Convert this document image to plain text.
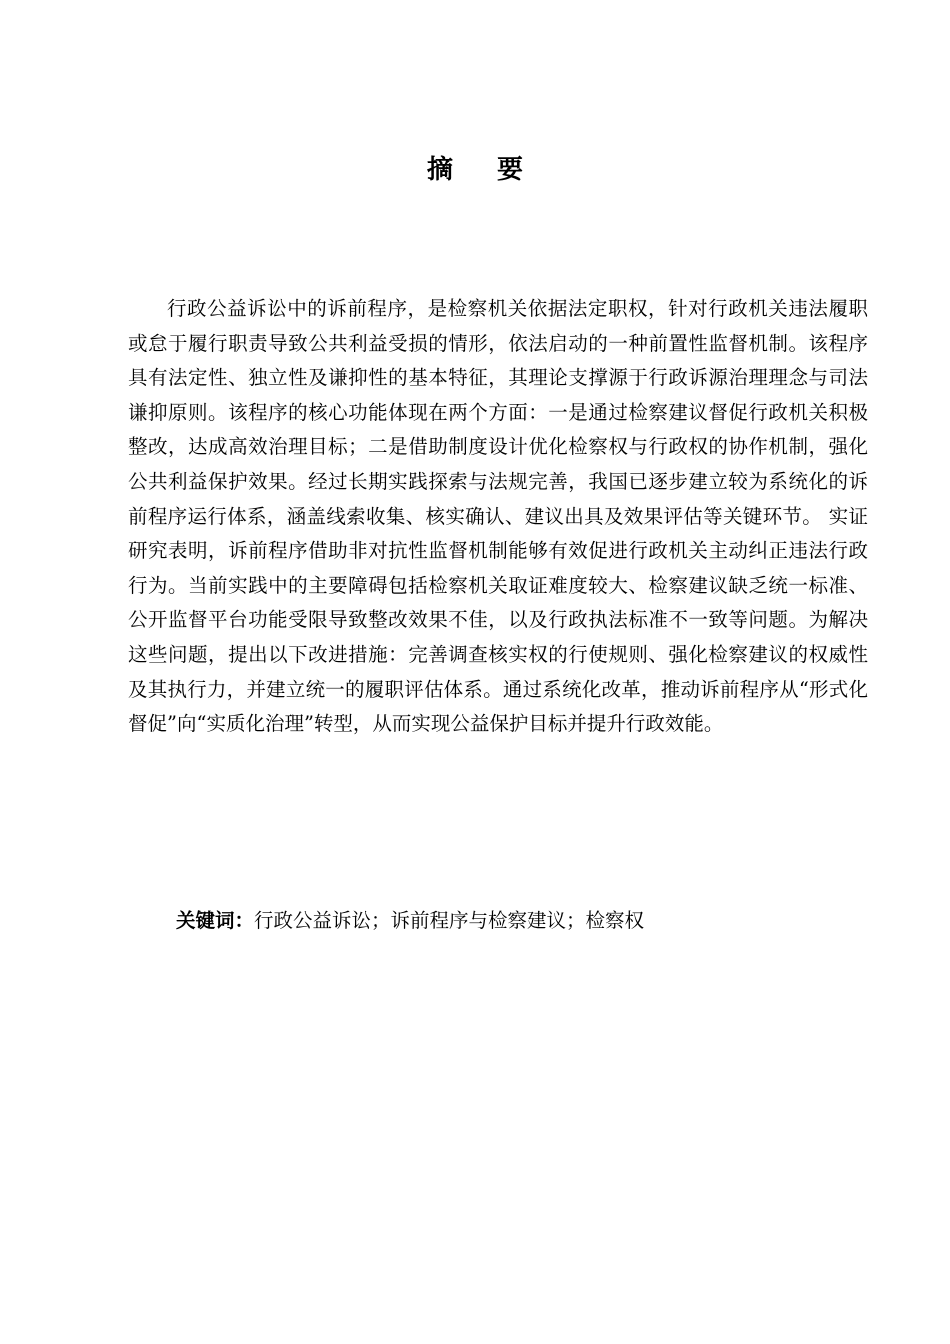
摘要

行政公益诉讼中的诉前程序，是检察机关依据法定职权，针对行政机关违法履职或怠于履行职责导致公共利益受损的情形，依法启动的一种前置性监督机制。该程序具有法定性、独立性及谦抑性的基本特征，其理论支撑源于行政诉源治理理念与司法谦抑原则。该程序的核心功能体现在两个方面：一是通过检察建议督促行政机关积极整改，达成高效治理目标；二是借助制度设计优化检察权与行政权的协作机制，强化公共利益保护效果。经过长期实践探索与法规完善，我国已逐步建立较为系统化的诉前程序运行体系，涵盖线索收集、核实确认、建议出具及效果评估等关键环节。 实证研究表明，诉前程序借助非对抗性监督机制能够有效促进行政机关主动纠正违法行政行为。当前实践中的主要障碍包括检察机关取证难度较大、检察建议缺乏统一标准、公开监督平台功能受限导致整改效果不佳，以及行政执法标准不一致等问题。为解决这些问题，提出以下改进措施：完善调查核实权的行使规则、强化检察建议的权威性及其执行力，并建立统一的履职评估体系。通过系统化改革，推动诉前程序从“形式化督促”向“实质化治理”转型，从而实现公益保护目标并提升行政效能。

关键词：行政公益诉讼；诉前程序与检察建议；检察权
